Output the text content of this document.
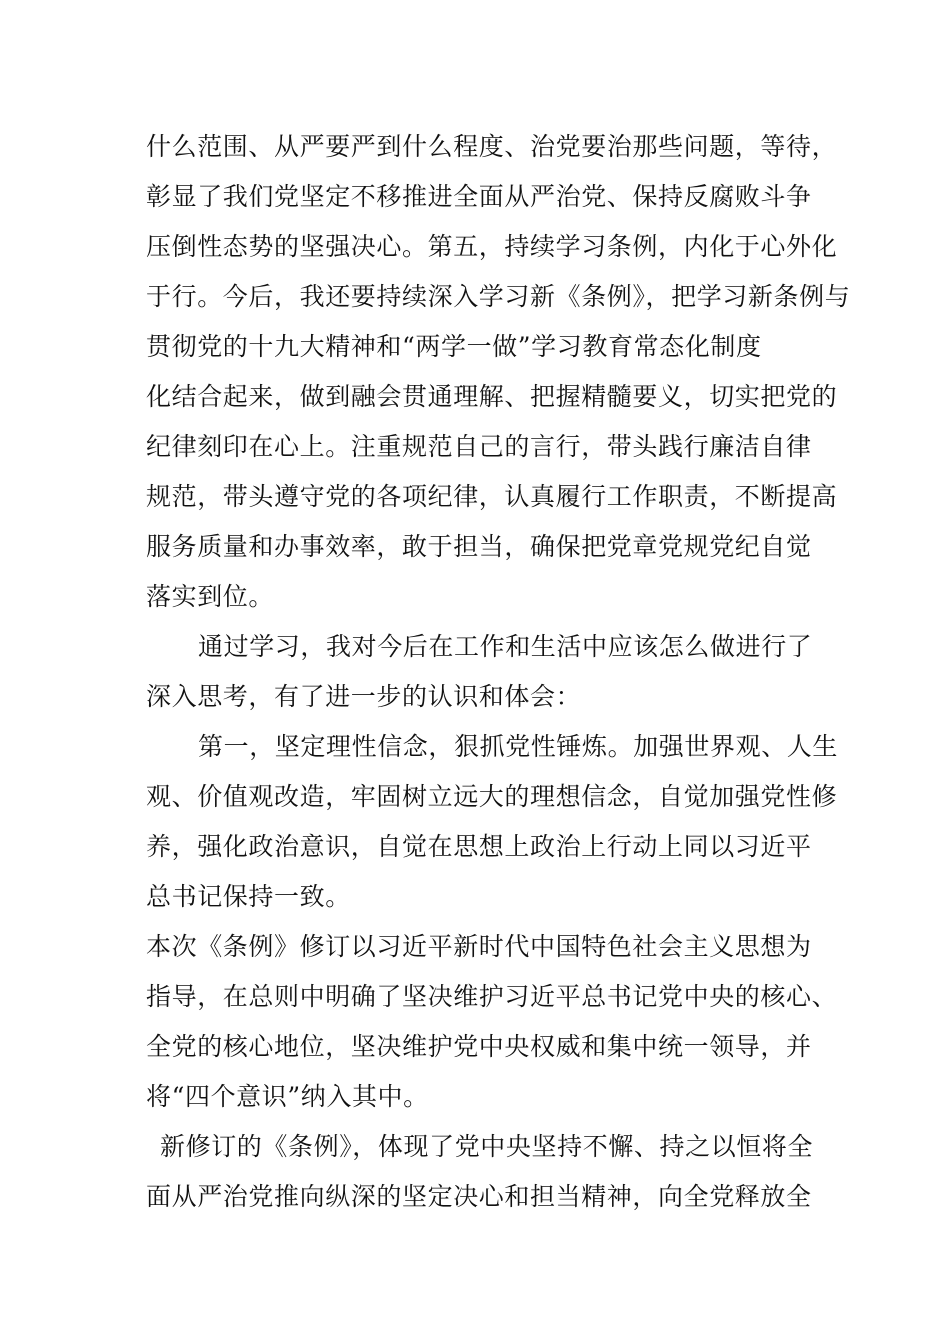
什么范围、从严要严到什么程度、治党要治那些问题，等待，
彰显了我们党坚定不移推进全面从严治党、保持反腐败斗争
压倒性态势的坚强决心。第五，持续学习条例，内化于心外化
于行。今后，我还要持续深入学习新《条例》，把学习新条例与
贯彻党的十九大精神和“两学一做”学习教育常态化制度
化结合起来，做到融会贯通理解、把握精髓要义，切实把党的
纪律刻印在心上。注重规范自己的言行，带头践行廉洁自律
规范，带头遵守党的各项纪律，认真履行工作职责，不断提高
服务质量和办事效率，敢于担当，确保把党章党规党纪自觉
落实到位。
通过学习，我对今后在工作和生活中应该怎么做进行了
深入思考，有了进一步的认识和体会：
第一，坚定理性信念，狠抓党性锤炼。加强世界观、人生
观、价值观改造，牢固树立远大的理想信念，自觉加强党性修
养，强化政治意识，自觉在思想上政治上行动上同以习近平
总书记保持一致。
本次《条例》修订以习近平新时代中国特色社会主义思想为
指导，在总则中明确了坚决维护习近平总书记党中央的核心、
全党的核心地位，坚决维护党中央权威和集中统一领导，并
将“四个意识”纳入其中。
新修订的《条例》，体现了党中央坚持不懈、持之以恒将全
面从严治党推向纵深的坚定决心和担当精神，向全党释放全
